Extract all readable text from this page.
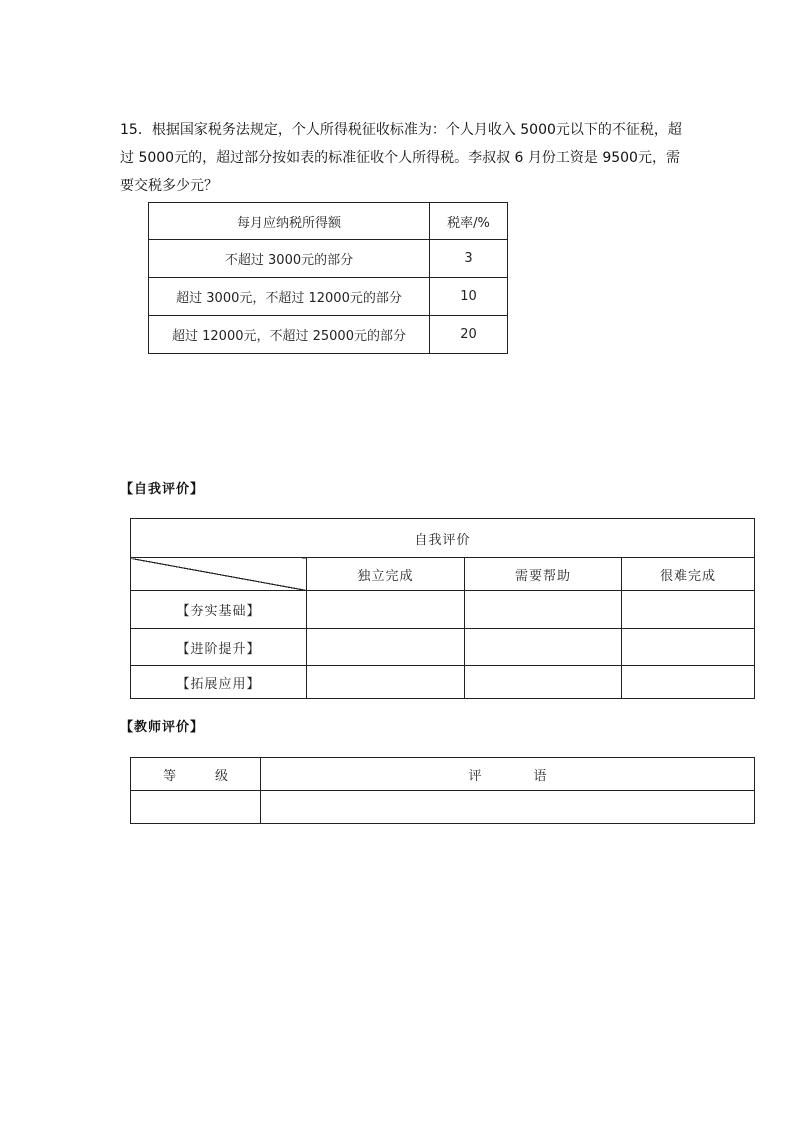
15．根据国家税务法规定，个人所得税征收标准为：个人月收入 5000元以下的不征税，超
过 5000元的，超过部分按如表的标准征收个人所得税。李叔叔 6 月份工资是 9500元，需
要交税多少元？
每月应纳税所得额	税率/%
不超过 3000元的部分	3
超过 3000元，不超过 12000元的部分	10
超过 12000元，不超过 25000元的部分	20
【自我评价】
自我评价			
	独立完成	需要帮助	很难完成
【夯实基础】			
【进阶提升】			
【拓展应用】			
【教师评价】
等　　　级	评　　　　语
